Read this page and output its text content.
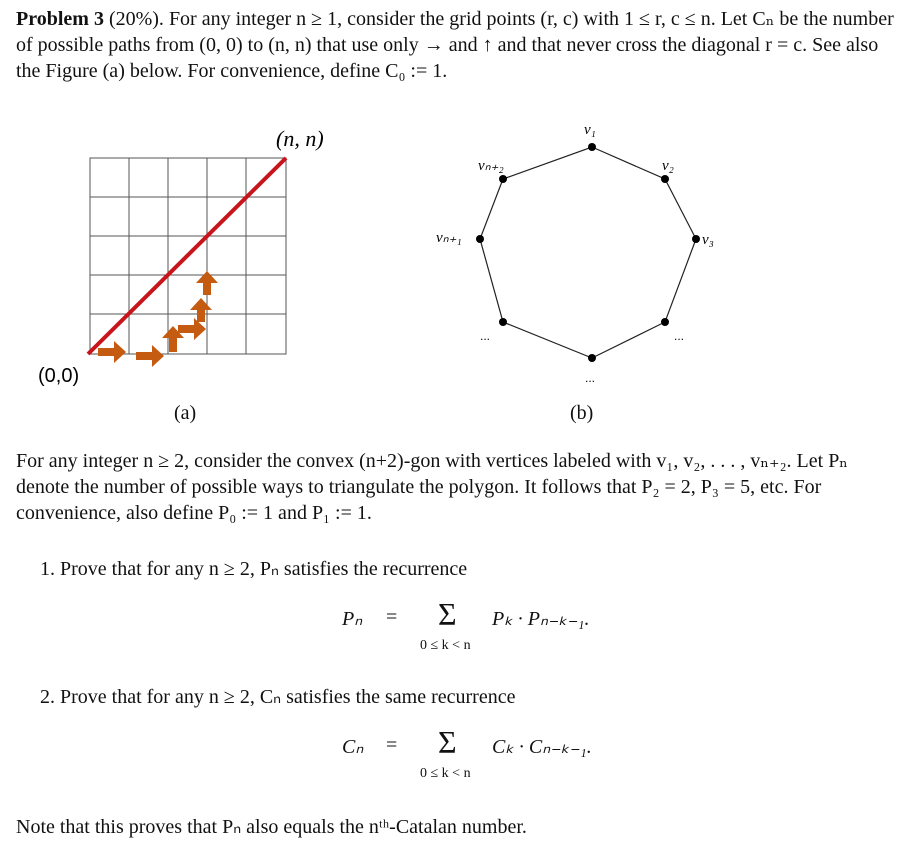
Problem 3 (20%). For any integer n ≥ 1, consider the grid points (r, c) with 1 ≤ r, c ≤ n. Let Cₙ be the number of possible paths from (0, 0) to (n, n) that use only → and ↑ and that never cross the diagonal r = c. See also the Figure (a) below. For convenience, define C₀ := 1.
(n, n)
(0,0)
(a)
v₁
v₂
v₃
vₙ₊₂
vₙ₊₁
...	...
...
(b)
For any integer n ≥ 2, consider the convex (n+2)-gon with vertices labeled with v₁, v₂, . . . , vₙ₊₂. Let Pₙ denote the number of possible ways to triangulate the polygon. It follows that P₂ = 2, P₃ = 5, etc. For convenience, also define P₀ := 1 and P₁ := 1.
1. Prove that for any n ≥ 2, Pₙ satisfies the recurrence
Pₙ = Σ Pₖ · Pₙ₋ₖ₋₁.
0 ≤ k < n
2. Prove that for any n ≥ 2, Cₙ satisfies the same recurrence
Cₙ = Σ Cₖ · Cₙ₋ₖ₋₁.
0 ≤ k < n
Note that this proves that Pₙ also equals the nᵗʰ-Catalan number.
